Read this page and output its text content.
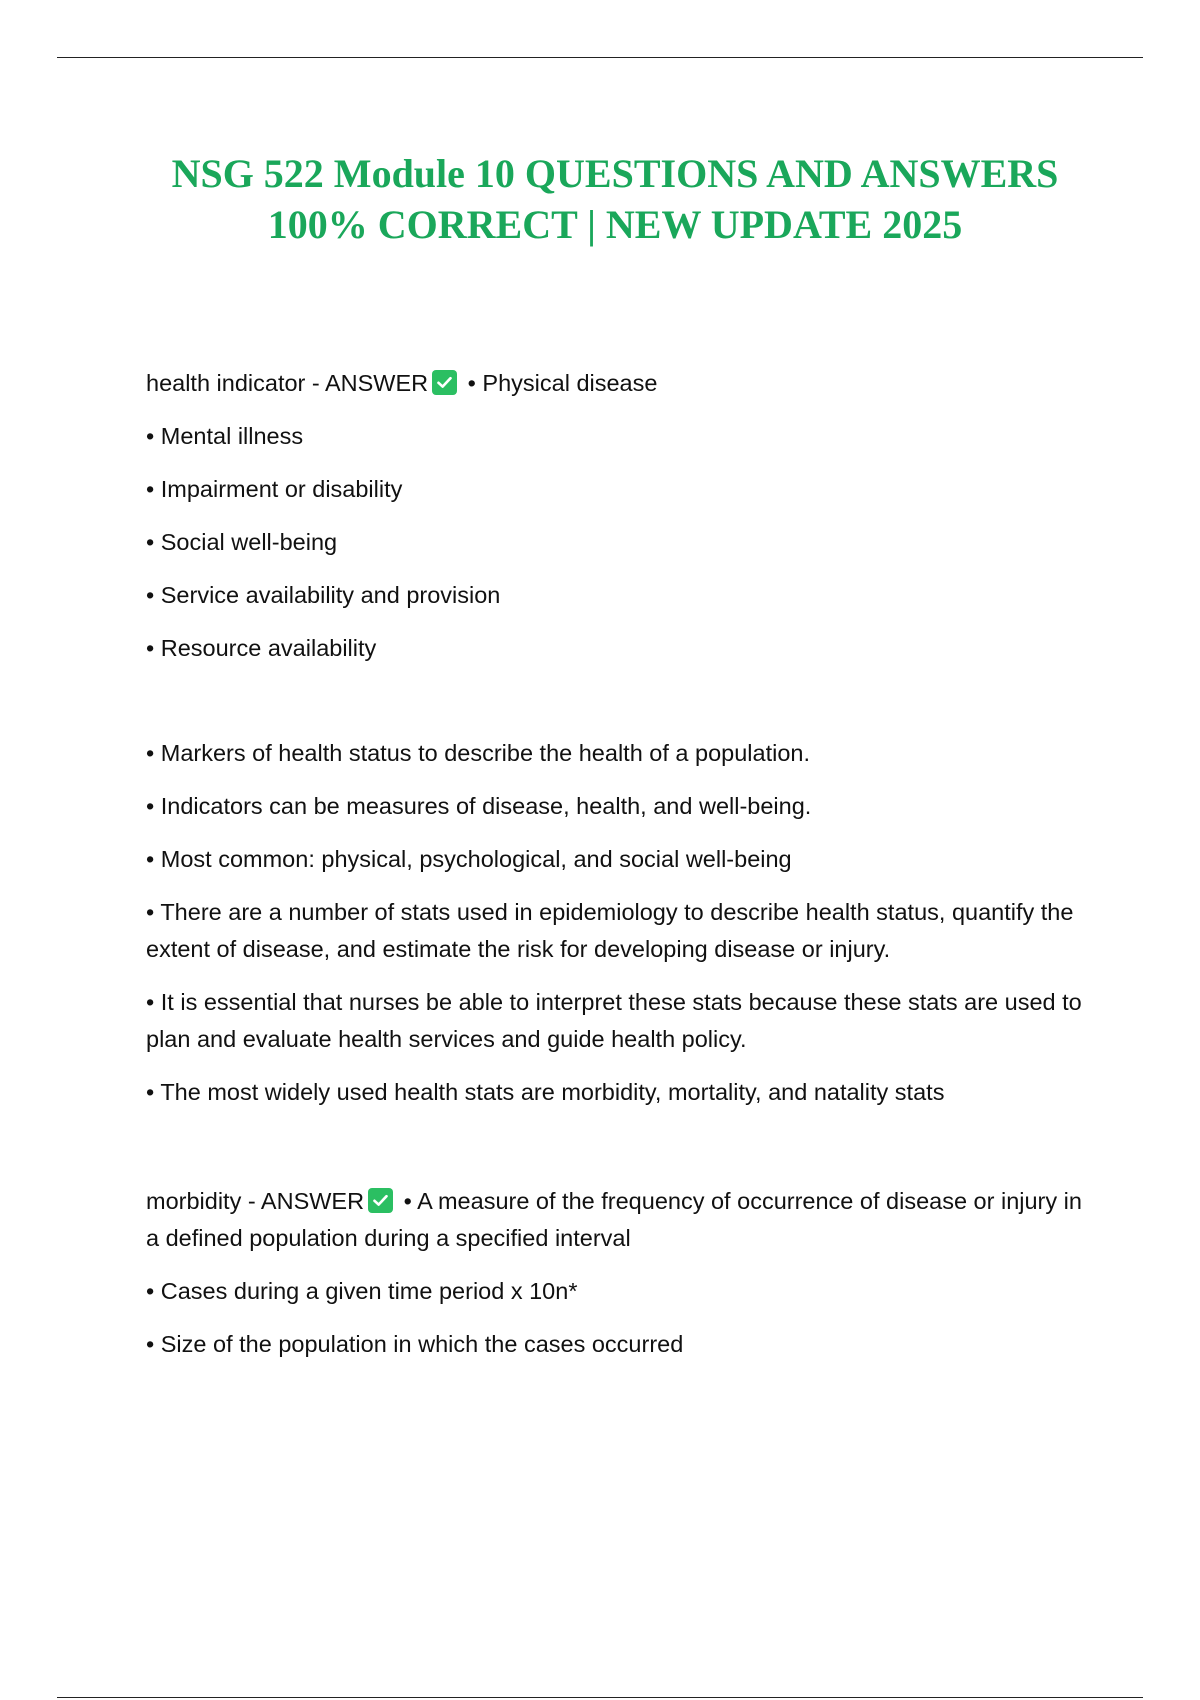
NSG 522 Module 10 QUESTIONS AND ANSWERS 100% CORRECT | NEW UPDATE 2025

health indicator - ANSWER • Physical disease

• Mental illness

• Impairment or disability

• Social well-being

• Service availability and provision

• Resource availability

• Markers of health status to describe the health of a population.

• Indicators can be measures of disease, health, and well-being.

• Most common: physical, psychological, and social well-being

• There are a number of stats used in epidemiology to describe health status, quantify the extent of disease, and estimate the risk for developing disease or injury.

• It is essential that nurses be able to interpret these stats because these stats are used to plan and evaluate health services and guide health policy.

• The most widely used health stats are morbidity, mortality, and natality stats

morbidity - ANSWER • A measure of the frequency of occurrence of disease or injury in a defined population during a specified interval

• Cases during a given time period x 10n*

• Size of the population in which the cases occurred
